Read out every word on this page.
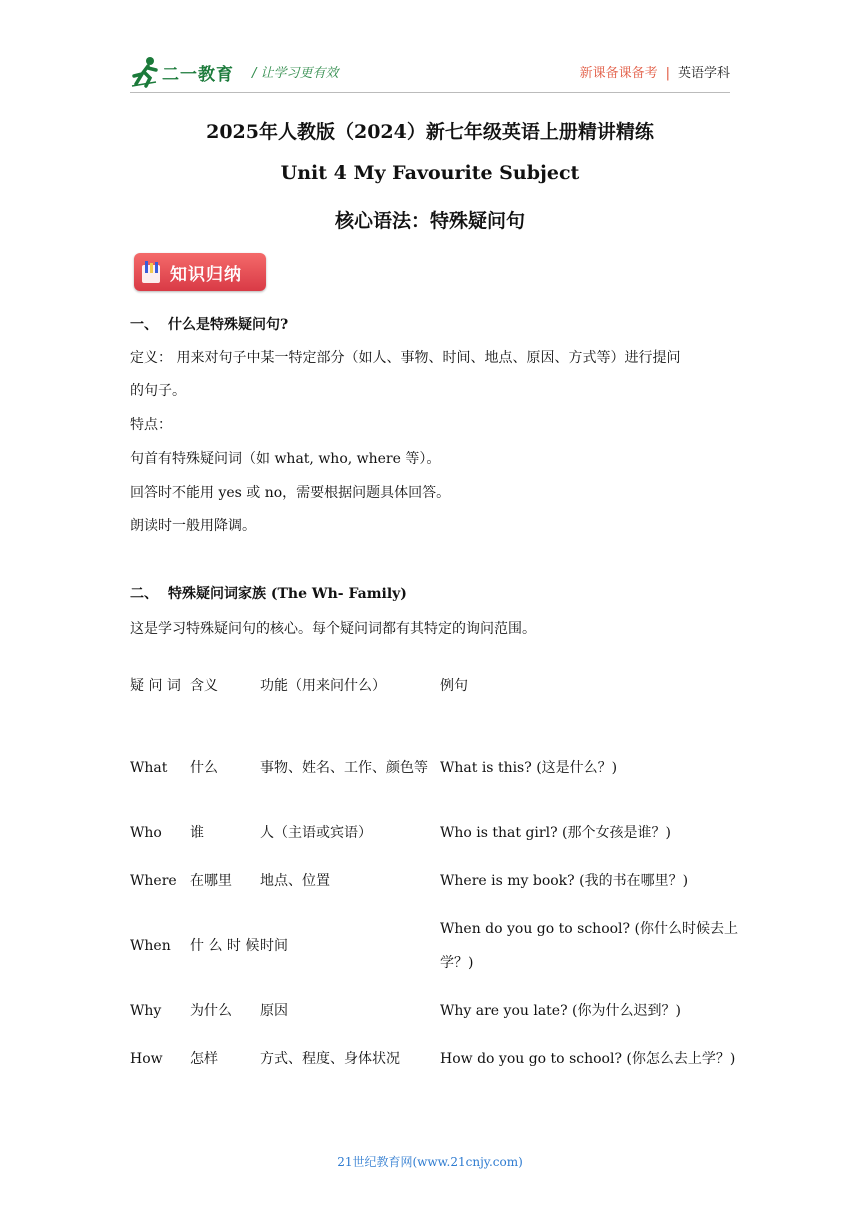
二一教育 / 让学习更有效	新课备课备考 | 英语学科
2025年人教版（2024）新七年级英语上册精讲精练
Unit 4 My Favourite Subject
核心语法：特殊疑问句
知识归纳
一、 什么是特殊疑问句?
定义： 用来对句子中某一特定部分（如人、事物、时间、地点、原因、方式等）进行提问
的句子。
特点：
句首有特殊疑问词（如 what, who, where 等）。
回答时不能用 yes 或 no，需要根据问题具体回答。
朗读时一般用降调。
二、 特殊疑问词家族 (The Wh- Family)
这是学习特殊疑问句的核心。每个疑问词都有其特定的询问范围。
疑 问 词	含义	功能（用来问什么）	例句

What	什么	事物、姓名、工作、颜色等	What is this? (这是什么？)

Who	谁	人（主语或宾语）	Who is that girl? (那个女孩是谁？)

Where	在哪里	地点、位置	Where is my book? (我的书在哪里？)

When	什 么 时 候	时间	When do you go to school? (你什么时候去上学？)

Why	为什么	原因	Why are you late? (你为什么迟到？)

How	怎样	方式、程度、身体状况	How do you go to school? (你怎么去上学？)
21世纪教育网(www.21cnjy.com)
